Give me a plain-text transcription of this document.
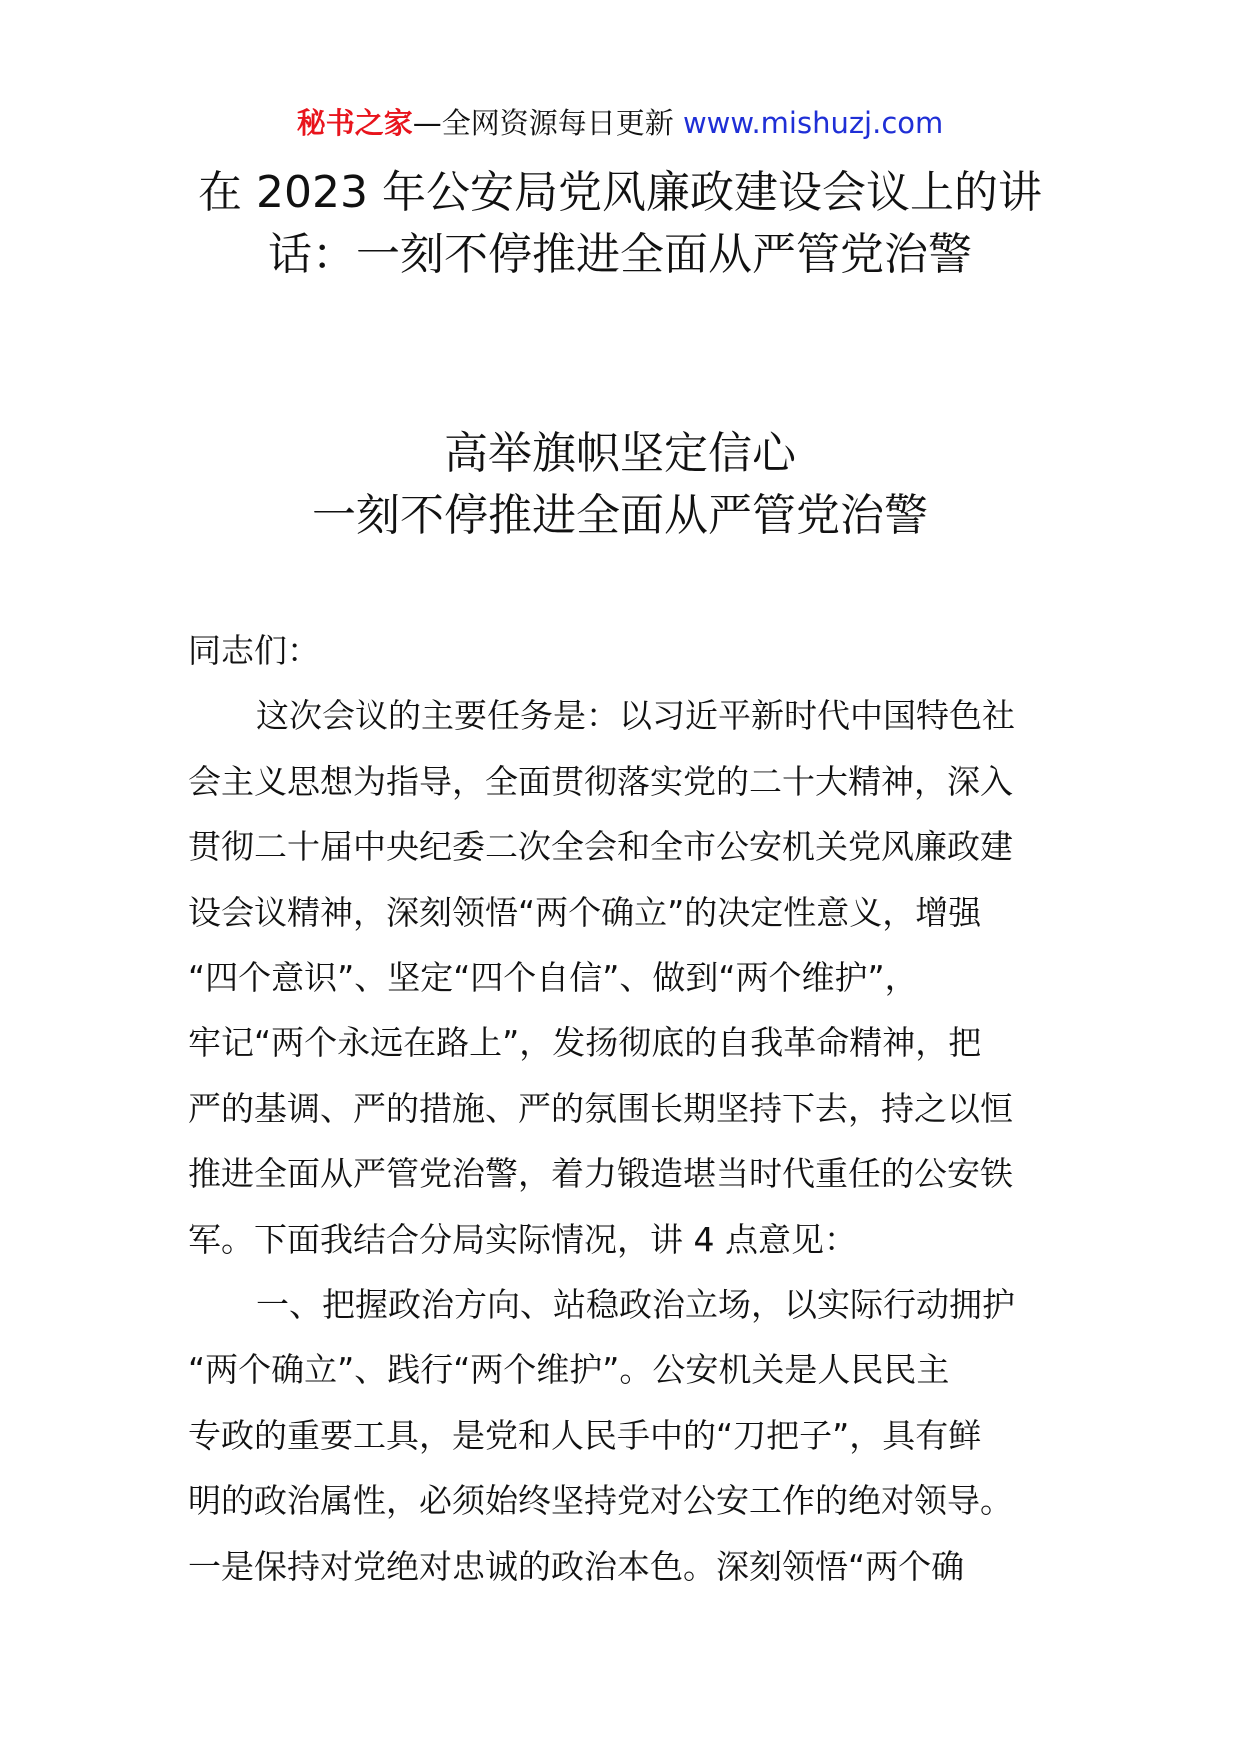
秘书之家—全网资源每日更新 www.mishuzj.com
在 2023 年公安局党风廉政建设会议上的讲
话：一刻不停推进全面从严管党治警
高举旗帜坚定信心
一刻不停推进全面从严管党治警
同志们：
这次会议的主要任务是：以习近平新时代中国特色社
会主义思想为指导，全面贯彻落实党的二十大精神，深入
贯彻二十届中央纪委二次全会和全市公安机关党风廉政建
设会议精神，深刻领悟“两个确立”的决定性意义，增强
“四个意识”、坚定“四个自信”、做到“两个维护”，
牢记“两个永远在路上”，发扬彻底的自我革命精神，把
严的基调、严的措施、严的氛围长期坚持下去，持之以恒
推进全面从严管党治警，着力锻造堪当时代重任的公安铁
军。下面我结合分局实际情况，讲 4 点意见：
一、把握政治方向、站稳政治立场，以实际行动拥护
“两个确立”、践行“两个维护”。公安机关是人民民主
专政的重要工具，是党和人民手中的“刀把子”，具有鲜
明的政治属性，必须始终坚持党对公安工作的绝对领导。
一是保持对党绝对忠诚的政治本色。深刻领悟“两个确
